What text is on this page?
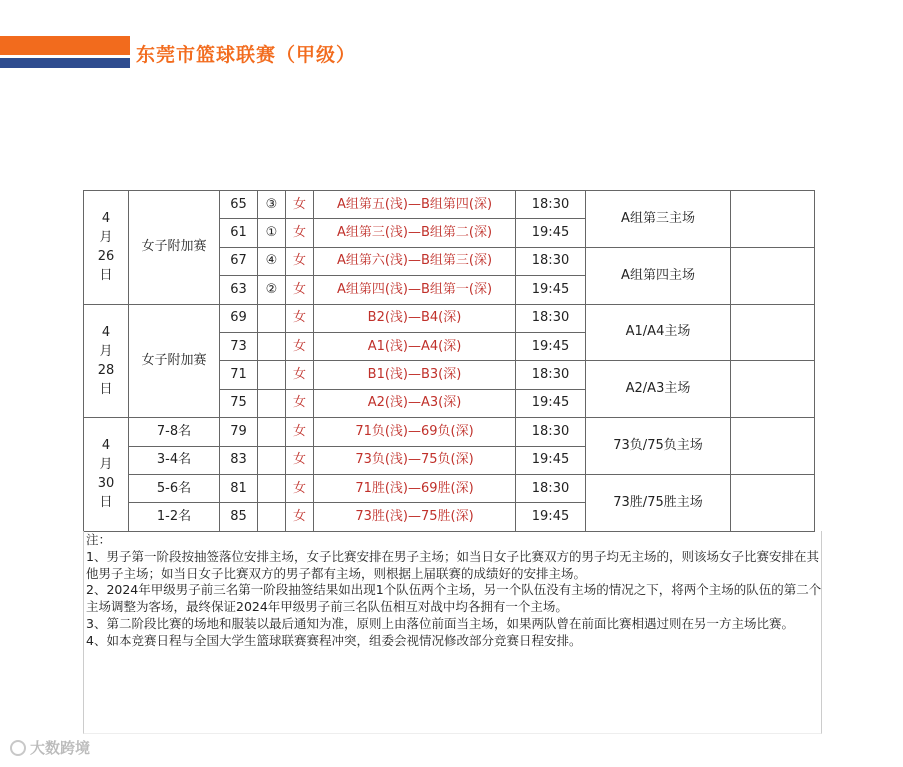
东莞市篮球联赛（甲级）
4
月
26
日	女子附加赛	65	③	女	A组第五(浅)—B组第四(深)	18:30	A组第三主场	
		61	①	女	A组第三(浅)—B组第二(深)	19:45		
		67	④	女	A组第六(浅)—B组第三(深)	18:30	A组第四主场	
		63	②	女	A组第四(浅)—B组第一(深)	19:45		

4
月
28
日	女子附加赛	69		女	B2(浅)—B4(深)	18:30	A1/A4主场	
		73		女	A1(浅)—A4(深)	19:45		
		71		女	B1(浅)—B3(深)	18:30	A2/A3主场	
		75		女	A2(浅)—A3(深)	19:45		

4
月
30
日	7-8名	79		女	71负(浅)—69负(深)	18:30	73负/75负主场	
	3-4名	83		女	73负(浅)—75负(深)	19:45		
	5-6名	81		女	71胜(浅)—69胜(深)	18:30	73胜/75胜主场	
	1-2名	85		女	73胜(浅)—75胜(深)	19:45		

注：

1、男子第一阶段按抽签落位安排主场，女子比赛安排在男子主场；如当日女子比赛双方的男子均无主场的，则该场女子比赛安排在其他男子主场；如当日女子比赛双方的男子都有主场，则根据上届联赛的成绩好的安排主场。

2、2024年甲级男子前三名第一阶段抽签结果如出现1个队伍两个主场，另一个队伍没有主场的情况之下，将两个主场的队伍的第二个主场调整为客场，最终保证2024年甲级男子前三名队伍相互对战中均各拥有一个主场。

3、第二阶段比赛的场地和服装以最后通知为准，原则上由落位前面当主场，如果两队曾在前面比赛相遇过则在另一方主场比赛。

4、如本竞赛日程与全国大学生篮球联赛赛程冲突，组委会视情况修改部分竞赛日程安排。

大数跨境
